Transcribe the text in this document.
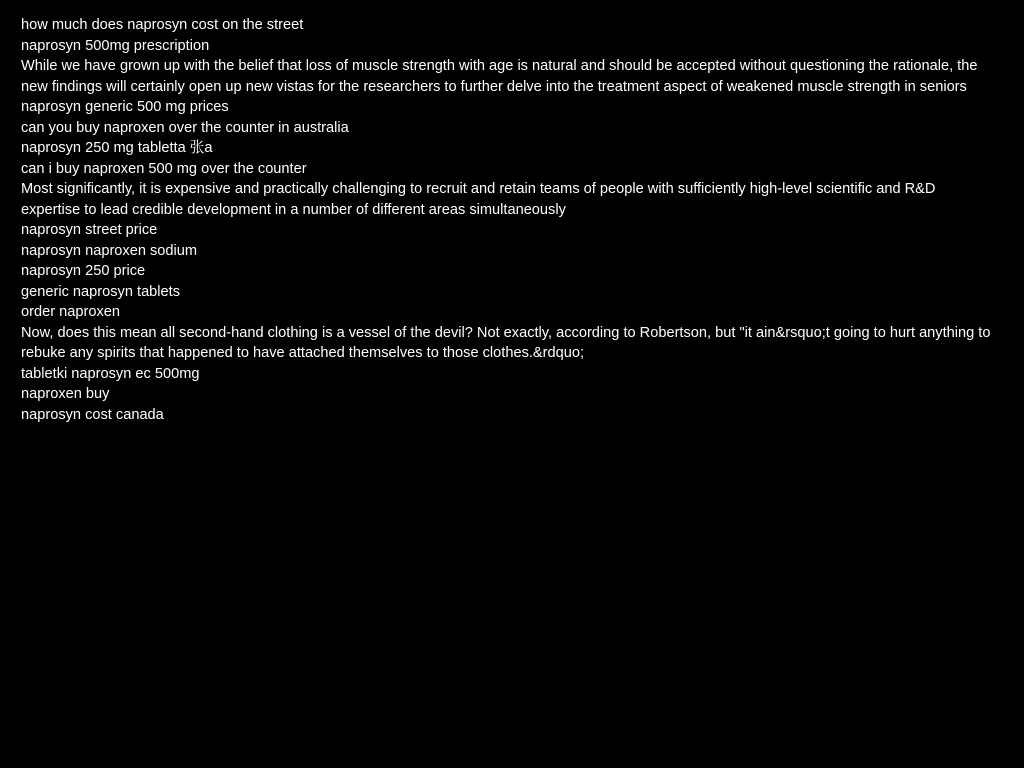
how much does naprosyn cost on the street
naprosyn 500mg prescription
While we have grown up with the belief that loss of muscle strength with age is natural and should be accepted without questioning the rationale, the new findings will certainly open up new vistas for the researchers to further delve into the treatment aspect of weakened muscle strength in seniors
naprosyn generic 500 mg prices
can you buy naproxen over the counter in australia
naprosyn 250 mg tabletta 张a
can i buy naproxen 500 mg over the counter
Most significantly, it is expensive and practically challenging to recruit and retain teams of people with sufficiently high-level scientific and R&D expertise to lead credible development in a number of different areas simultaneously
naprosyn street price
naprosyn naproxen sodium
naprosyn 250 price
generic naprosyn tablets
order naproxen
Now, does this mean all second-hand clothing is a vessel of the devil? Not exactly, according to Robertson, but "it ain&rsquo;t going to hurt anything to rebuke any spirits that happened to have attached themselves to those clothes.&rdquo;
tabletki naprosyn ec 500mg
naproxen buy
naprosyn cost canada
